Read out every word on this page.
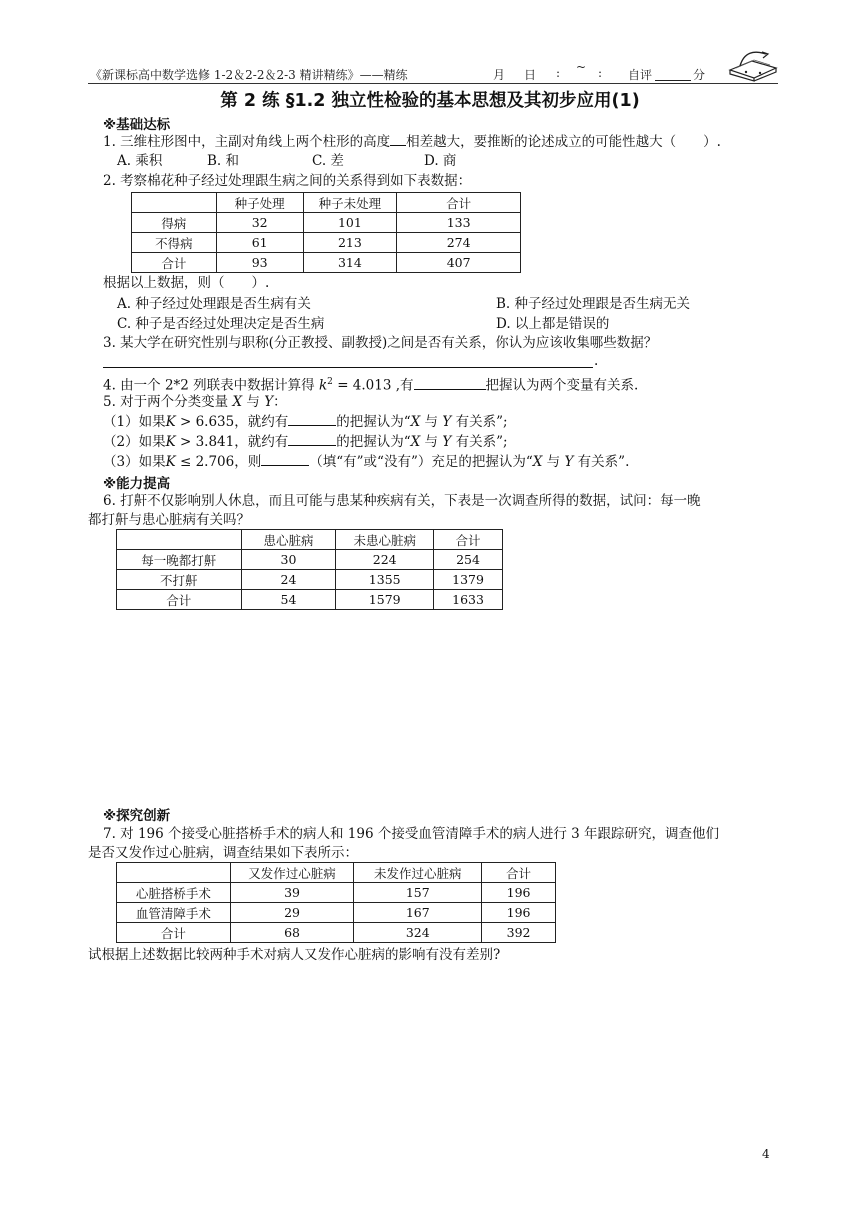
《新课标高中数学选修 1-2＆2-2＆2-3 精讲精练》——精练	月 日 : ~ : 自评	分
第 2 练 §1.2 独立性检验的基本思想及其初步应用(1)
※基础达标
1. 三维柱形图中，主副对角线上两个柱形的高度 相差越大，要推断的论述成立的可能性越大（　　）.
A. 乘积	B. 和	C. 差	D. 商
2. 考察棉花种子经过处理跟生病之间的关系得到如下表数据：
	种子处理	种子未处理	合计
得病	32	101	133
不得病	61	213	274
合计	93	314	407
根据以上数据，则（　　）.
A. 种子经过处理跟是否生病有关	B. 种子经过处理跟是否生病无关
C. 种子是否经过处理决定是否生病	D. 以上都是错误的
3. 某大学在研究性别与职称(分正教授、副教授)之间是否有关系，你认为应该收集哪些数据？
.
4. 由一个 2*2 列联表中数据计算得 $k^2 = 4.013$ ,有	把握认为两个变量有关系.
5. 对于两个分类变量 X 与 Y：
（1）如果K > 6.635，就约有	的把握认为“X 与 Y 有关系”;
（2）如果K > 3.841，就约有	的把握认为“X 与 Y 有关系”;
（3）如果K ≤ 2.706，则	（填“有”或“没有”）充足的把握认为“X 与 Y 有关系”.
※能力提高
6. 打鼾不仅影响别人休息，而且可能与患某种疾病有关，下表是一次调查所得的数据，试问：每一晚
都打鼾与患心脏病有关吗？
	患心脏病	未患心脏病	合计
每一晚都打鼾	30	224	254
不打鼾	24	1355	1379
合计	54	1579	1633
※探究创新
7. 对 196 个接受心脏搭桥手术的病人和 196 个接受血管清障手术的病人进行 3 年跟踪研究，调查他们
是否又发作过心脏病，调查结果如下表所示：
	又发作过心脏病	未发作过心脏病	合计
心脏搭桥手术	39	157	196
血管清障手术	29	167	196
合计	68	324	392
试根据上述数据比较两种手术对病人又发作心脏病的影响有没有差别?
4
